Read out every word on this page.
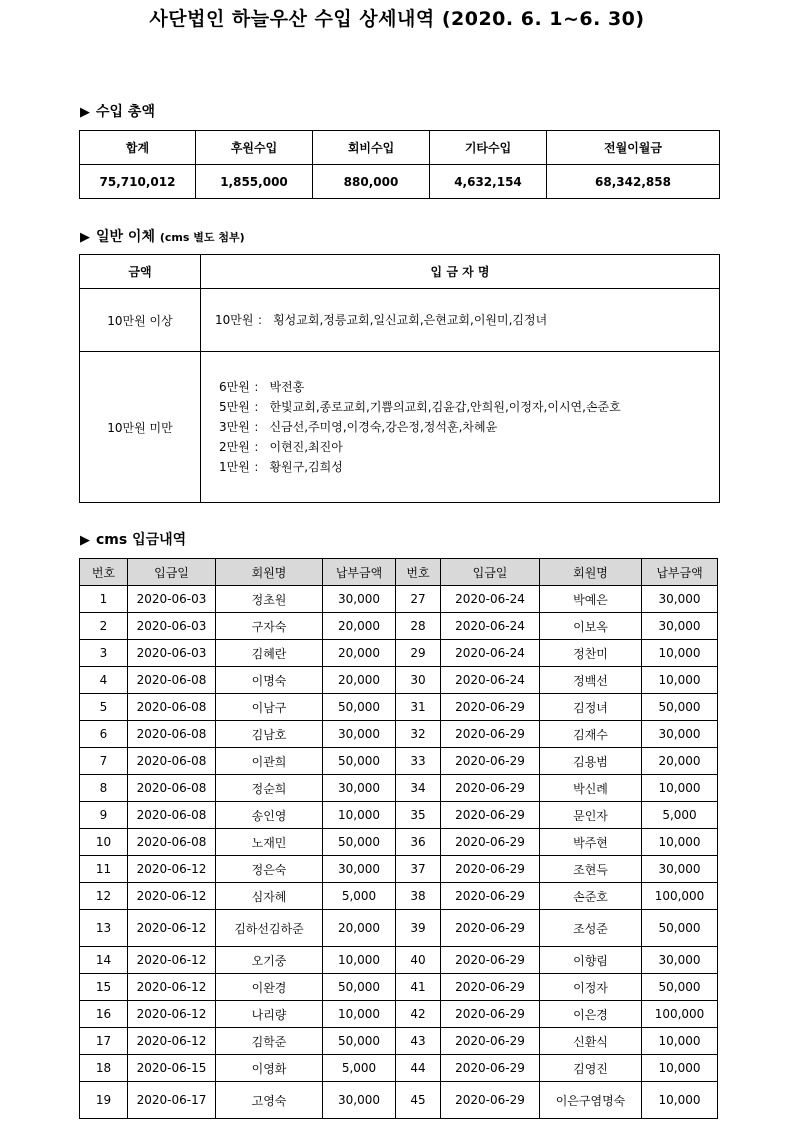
사단법인 하늘우산 수입 상세내역 (2020. 6. 1~6. 30)
▶ 수입 총액
합계	후원수입	회비수입	기타수입	전월이월금
75,710,012	1,855,000	880,000	4,632,154	68,342,858
▶ 일반 이체 (cms 별도 첨부)
금액	입 금 자 명
10만원 이상	10만원 ： 횡성교회,정릉교회,일신교회,은현교회,이원미,김정녀

10만원 미만	6만원 ： 박전홍
5만원 ： 한빛교회,종로교회,기쁨의교회,김윤갑,안희원,이정자,이시연,손준호
3만원 ： 신금선,주미영,이경숙,강은정,정석훈,차혜윤
2만원 ： 이현진,최진아
1만원 ： 황원구,김희성
▶ cms 입금내역
번호	입금일	회원명	납부금액	번호	입금일	회원명	납부금액
1	2020-06-03	정초원	30,000	27	2020-06-24	박예은	30,000
2	2020-06-03	구자숙	20,000	28	2020-06-24	이보옥	30,000
3	2020-06-03	김혜란	20,000	29	2020-06-24	정찬미	10,000
4	2020-06-08	이명숙	20,000	30	2020-06-24	정백선	10,000
5	2020-06-08	이남구	50,000	31	2020-06-29	김정녀	50,000
6	2020-06-08	김남호	30,000	32	2020-06-29	김재수	30,000
7	2020-06-08	이관희	50,000	33	2020-06-29	김용범	20,000
8	2020-06-08	정순희	30,000	34	2020-06-29	박신례	10,000
9	2020-06-08	송인영	10,000	35	2020-06-29	문인자	5,000
10	2020-06-08	노재민	50,000	36	2020-06-29	박주현	10,000
11	2020-06-12	정은숙	30,000	37	2020-06-29	조현득	30,000
12	2020-06-12	심자혜	5,000	38	2020-06-29	손준호	100,000
13	2020-06-12	김하선김하준	20,000	39	2020-06-29	조성준	50,000
14	2020-06-12	오기중	10,000	40	2020-06-29	이향림	30,000
15	2020-06-12	이완경	50,000	41	2020-06-29	이정자	50,000
16	2020-06-12	나리량	10,000	42	2020-06-29	이은경	100,000
17	2020-06-12	김학준	50,000	43	2020-06-29	신환식	10,000
18	2020-06-15	이영화	5,000	44	2020-06-29	김영진	10,000
19	2020-06-17	고영숙	30,000	45	2020-06-29	이은구염명숙	10,000
